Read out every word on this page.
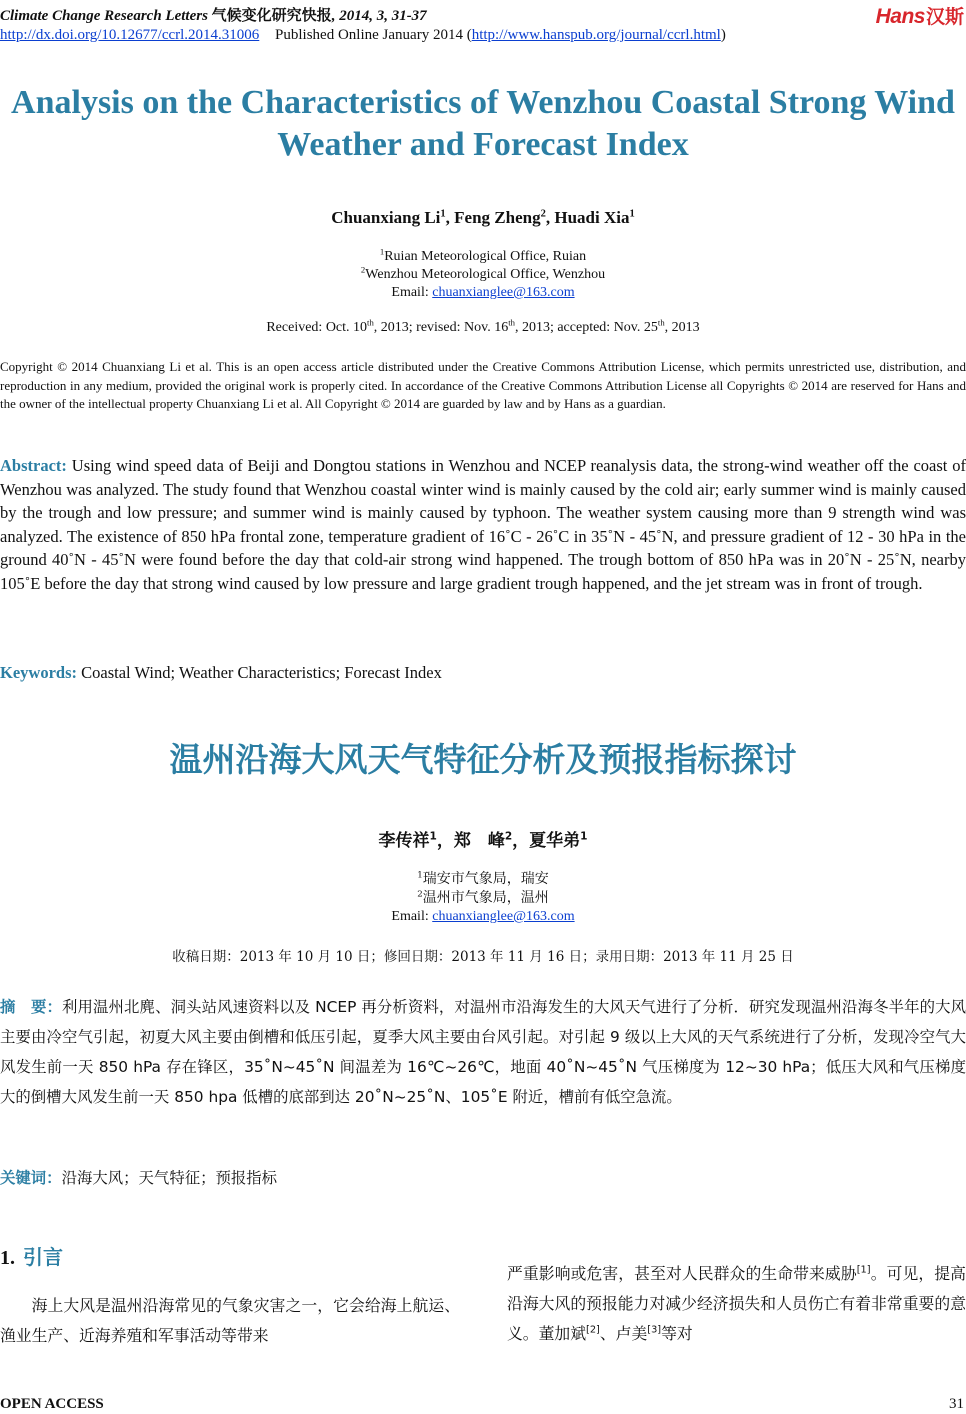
Climate Change Research Letters 气候变化研究快报, 2014, 3, 31-37	Hans汉斯
http://dx.doi.org/10.12677/ccrl.2014.31006 Published Online January 2014 (http://www.hanspub.org/journal/ccrl.html)
Analysis on the Characteristics of Wenzhou Coastal Strong Wind Weather and Forecast Index
Chuanxiang Li$^1$, Feng Zheng$^2$, Huadi Xia$^1$
$^1$Ruian Meteorological Office, Ruian
$^2$Wenzhou Meteorological Office, Wenzhou
Email: chuanxianglee@163.com
Received: Oct. 10th, 2013; revised: Nov. 16th, 2013; accepted: Nov. 25th, 2013
Copyright © 2014 Chuanxiang Li et al. This is an open access article distributed under the Creative Commons Attribution License, which permits unrestricted use, distribution, and reproduction in any medium, provided the original work is properly cited. In accordance of the Creative Commons Attribution License all Copyrights © 2014 are reserved for Hans and the owner of the intellectual property Chuanxiang Li et al. All Copyright © 2014 are guarded by law and by Hans as a guardian.
Abstract: Using wind speed data of Beiji and Dongtou stations in Wenzhou and NCEP reanalysis data, the strong-wind weather off the coast of Wenzhou was analyzed. The study found that Wenzhou coastal winter wind is mainly caused by the cold air; early summer wind is mainly caused by the trough and low pressure; and summer wind is mainly caused by typhoon. The weather system causing more than 9 strength wind was analyzed. The existence of 850 hPa frontal zone, temperature gradient of 16˚C - 26˚C in 35˚N - 45˚N, and pressure gradient of 12 - 30 hPa in the ground 40˚N - 45˚N were found before the day that cold-air strong wind happened. The trough bottom of 850 hPa was in 20˚N - 25˚N, nearby 105˚E before the day that strong wind caused by low pressure and large gradient trough happened, and the jet stream was in front of trough.
Keywords: Coastal Wind; Weather Characteristics; Forecast Index
温州沿海大风天气特征分析及预报指标探讨
李传祥$^1$，郑　峰$^2$，夏华弟$^1$
$^1$瑞安市气象局，瑞安
$^2$温州市气象局，温州
Email: chuanxianglee@163.com
收稿日期：2013 年 10 月 10 日；修回日期：2013 年 11 月 16 日；录用日期：2013 年 11 月 25 日
摘　要：利用温州北麂、洞头站风速资料以及 NCEP 再分析资料，对温州市沿海发生的大风天气进行了分析．研究发现温州沿海冬半年的大风主要由冷空气引起，初夏大风主要由倒槽和低压引起，夏季大风主要由台风引起。对引起 9 级以上大风的天气系统进行了分析，发现冷空气大风发生前一天 850 hPa 存在锋区，35˚N~45˚N 间温差为 16℃~26℃，地面 40˚N~45˚N 气压梯度为 12~30 hPa；低压大风和气压梯度大的倒槽大风发生前一天 850 hpa 低槽的底部到达 20˚N~25˚N、105˚E 附近，槽前有低空急流。
关键词：沿海大风；天气特征；预报指标
1. 引言
海上大风是温州沿海常见的气象灾害之一，它会给海上航运、渔业生产、近海养殖和军事活动等带来
严重影响或危害，甚至对人民群众的生命带来威胁[1]。可见，提高沿海大风的预报能力对减少经济损失和人员伤亡有着非常重要的意义。董加斌[2]、卢美[3]等对
OPEN ACCESS	31
